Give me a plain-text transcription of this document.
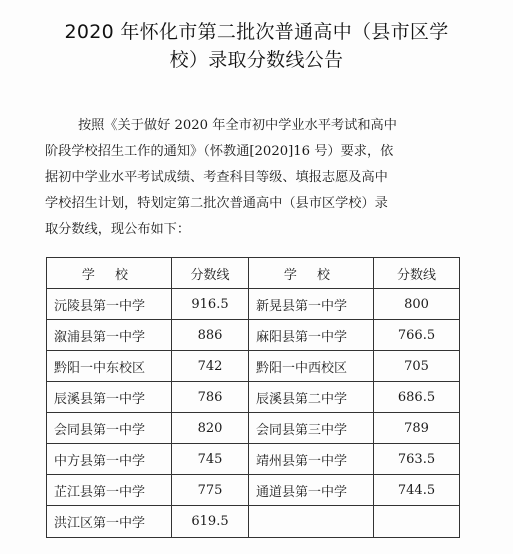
2020 年怀化市第二批次普通高中（县市区学
校）录取分数线公告
按照《关于做好 2020 年全市初中学业水平考试和高中
阶段学校招生工作的通知》（怀教通[2020]16 号）要求，依
据初中学业水平考试成绩、考查科目等级、填报志愿及高中
学校招生计划，特划定第二批次普通高中（县市区学校）录
取分数线，现公布如下：
学 校	分数线	学 校	分数线
沅陵县第一中学	916.5	新晃县第一中学	800
溆浦县第一中学	886	麻阳县第一中学	766.5
黔阳一中东校区	742	黔阳一中西校区	705
辰溪县第一中学	786	辰溪县第二中学	686.5
会同县第一中学	820	会同县第三中学	789
中方县第一中学	745	靖州县第一中学	763.5
芷江县第一中学	775	通道县第一中学	744.5
洪江区第一中学	619.5		
